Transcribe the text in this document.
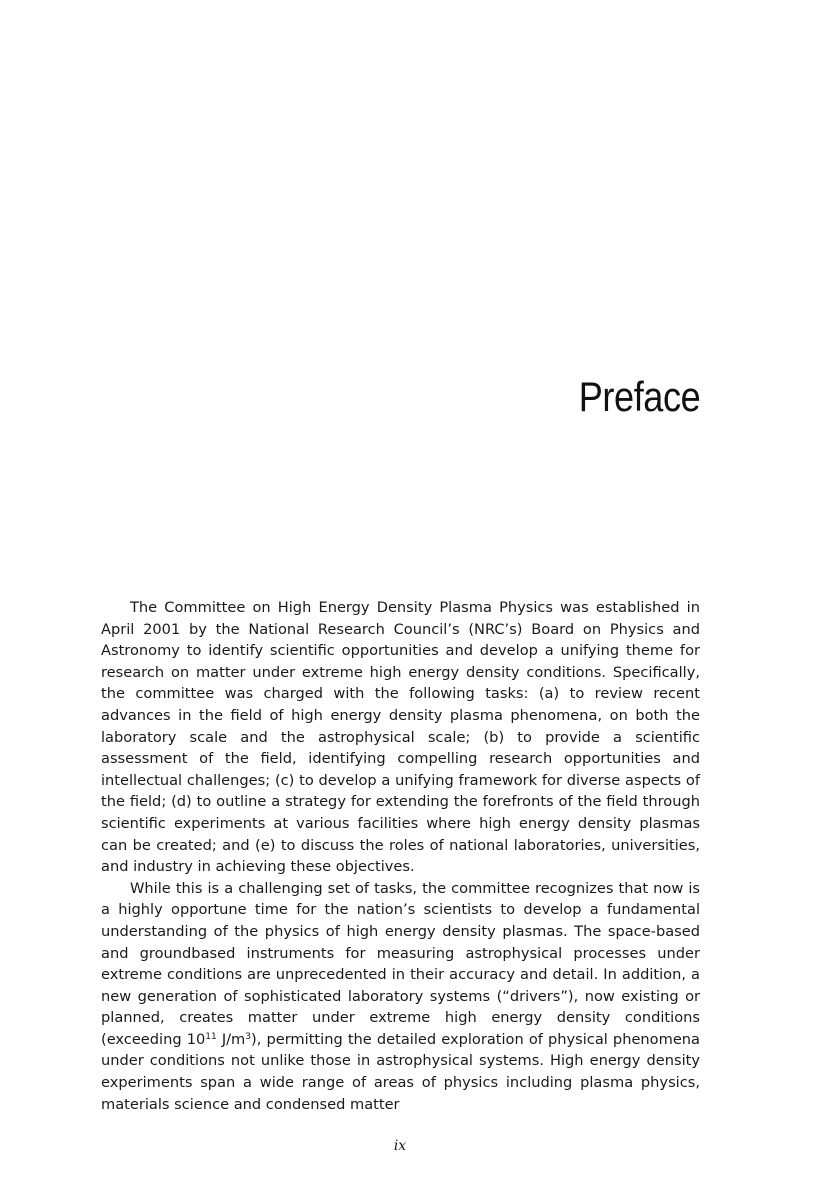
Preface

The Committee on High Energy Density Plasma Physics was established in April 2001 by the National Research Council’s (NRC’s) Board on Physics and Astronomy to identify scientific opportunities and develop a unifying theme for research on matter under extreme high energy density conditions. Specifically, the committee was charged with the following tasks: (a) to review recent advances in the field of high energy density plasma phenomena, on both the laboratory scale and the astrophysical scale; (b) to provide a scientific assessment of the field, identifying compelling research opportunities and intellectual challenges; (c) to develop a unifying framework for diverse aspects of the field; (d) to outline a strategy for extending the forefronts of the field through scientific experiments at various facilities where high energy density plasmas can be created; and (e) to discuss the roles of national laboratories, universities, and industry in achieving these objectives.

While this is a challenging set of tasks, the committee recognizes that now is a highly opportune time for the nation’s scientists to develop a fundamental understanding of the physics of high energy density plasmas. The space-based and groundbased instruments for measuring astrophysical processes under extreme conditions are unprecedented in their accuracy and detail. In addition, a new generation of sophisticated laboratory systems (“drivers”), now existing or planned, creates matter under extreme high energy density conditions (exceeding $10^{11}$ $J/m^3$), permitting the detailed exploration of physical phenomena under conditions not unlike those in astrophysical systems. High energy density experiments span a wide range of areas of physics including plasma physics, materials science and condensed matter

ix
